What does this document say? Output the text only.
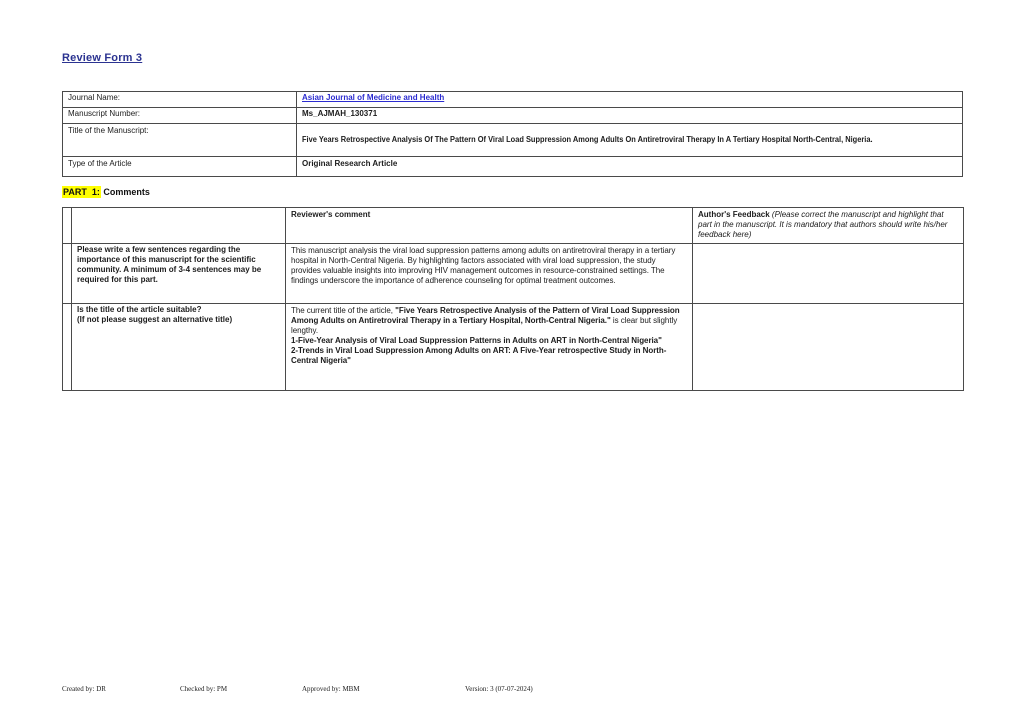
Review Form 3
Journal Name:	Asian Journal of Medicine and Health
Manuscript Number:	Ms_AJMAH_130371
Title of the Manuscript:	Five Years Retrospective Analysis Of The Pattern Of Viral Load Suppression Among Adults On Antiretroviral Therapy In A Tertiary Hospital North-Central, Nigeria.

Type of the Article	Original Research Article
PART  1: Comments
		Reviewer's comment	Author's Feedback (Please correct the manuscript and highlight that part in the manuscript. It is mandatory that authors should write his/her feedback here)
	Please write a few sentences regarding the importance of this manuscript for the scientific community. A minimum of 3-4 sentences may be required for this part.	This manuscript analysis the viral load suppression patterns among adults on antiretroviral therapy in a tertiary hospital in North-Central Nigeria. By highlighting factors associated with viral load suppression, the study provides valuable insights into improving HIV management outcomes in resource-constrained settings. The findings underscore the importance of adherence counseling for optimal treatment outcomes.	

Is the title of the article suitable?
(If not please suggest an alternative title)
	The current title of the article, "Five Years Retrospective Analysis of the Pattern of Viral Load Suppression Among Adults on Antiretroviral Therapy in a Tertiary Hospital, North-Central Nigeria." is clear but slightly lengthy.
1-Five-Year Analysis of Viral Load Suppression Patterns in Adults on ART in North-Central Nigeria"
2-Trends in Viral Load Suppression Among Adults on ART: A Five-Year retrospective Study in North-Central Nigeria"

Created by: DR	Checked by: PM	Approved by: MBM	Version: 3 (07-07-2024)
